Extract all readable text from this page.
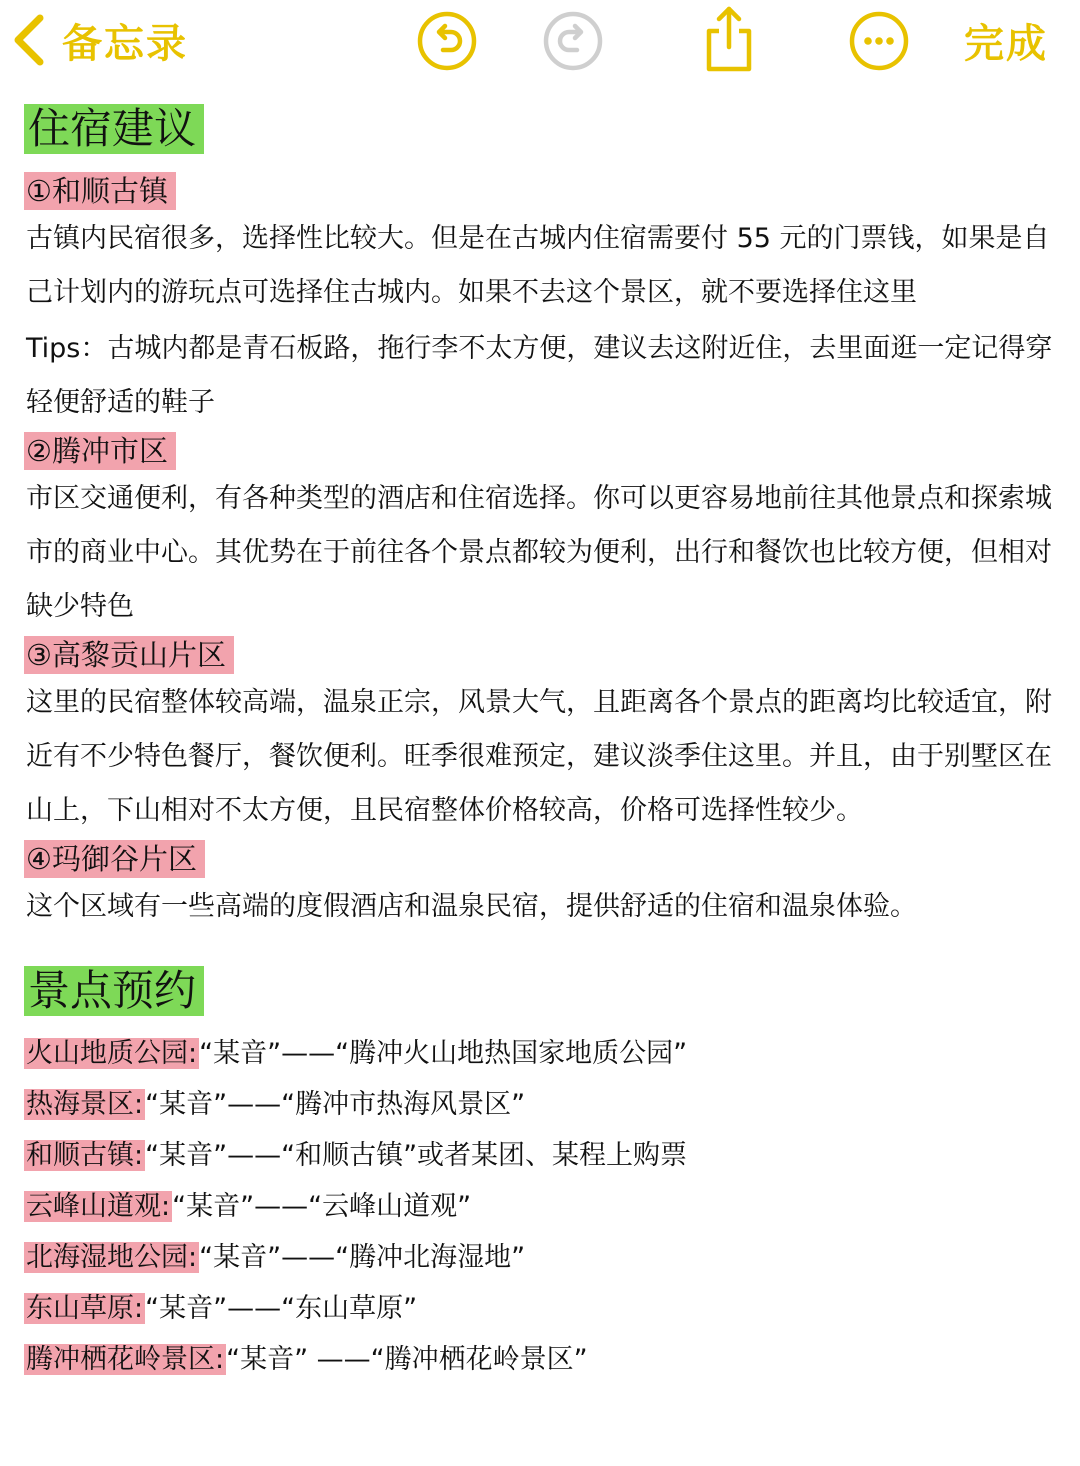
备忘录	完成
住宿建议
①和顺古镇
古镇内民宿很多，选择性比较大。但是在古城内住宿需要付 55 元的门票钱，如果是自己计划内的游玩点可选择住古城内。如果不去这个景区，就不要选择住这里
Tips：古城内都是青石板路，拖行李不太方便，建议去这附近住，去里面逛一定记得穿轻便舒适的鞋子
②腾冲市区
市区交通便利，有各种类型的酒店和住宿选择。你可以更容易地前往其他景点和探索城市的商业中心。其优势在于前往各个景点都较为便利，出行和餐饮也比较方便，但相对缺少特色
③高黎贡山片区
这里的民宿整体较高端，温泉正宗，风景大气，且距离各个景点的距离均比较适宜，附近有不少特色餐厅，餐饮便利。旺季很难预定，建议淡季住这里。并且，由于别墅区在山上，下山相对不太方便，且民宿整体价格较高，价格可选择性较少。
④玛御谷片区
这个区域有一些高端的度假酒店和温泉民宿，提供舒适的住宿和温泉体验。
景点预约
火山地质公园:“某音”——“腾冲火山地热国家地质公园”
热海景区:“某音”——“腾冲市热海风景区”
和顺古镇:“某音”——“和顺古镇”或者某团、某程上购票
云峰山道观:“某音”——“云峰山道观”
北海湿地公园:“某音”——“腾冲北海湿地”
东山草原:“某音”——“东山草原”
腾冲栖花岭景区:“某音” ——“腾冲栖花岭景区”
